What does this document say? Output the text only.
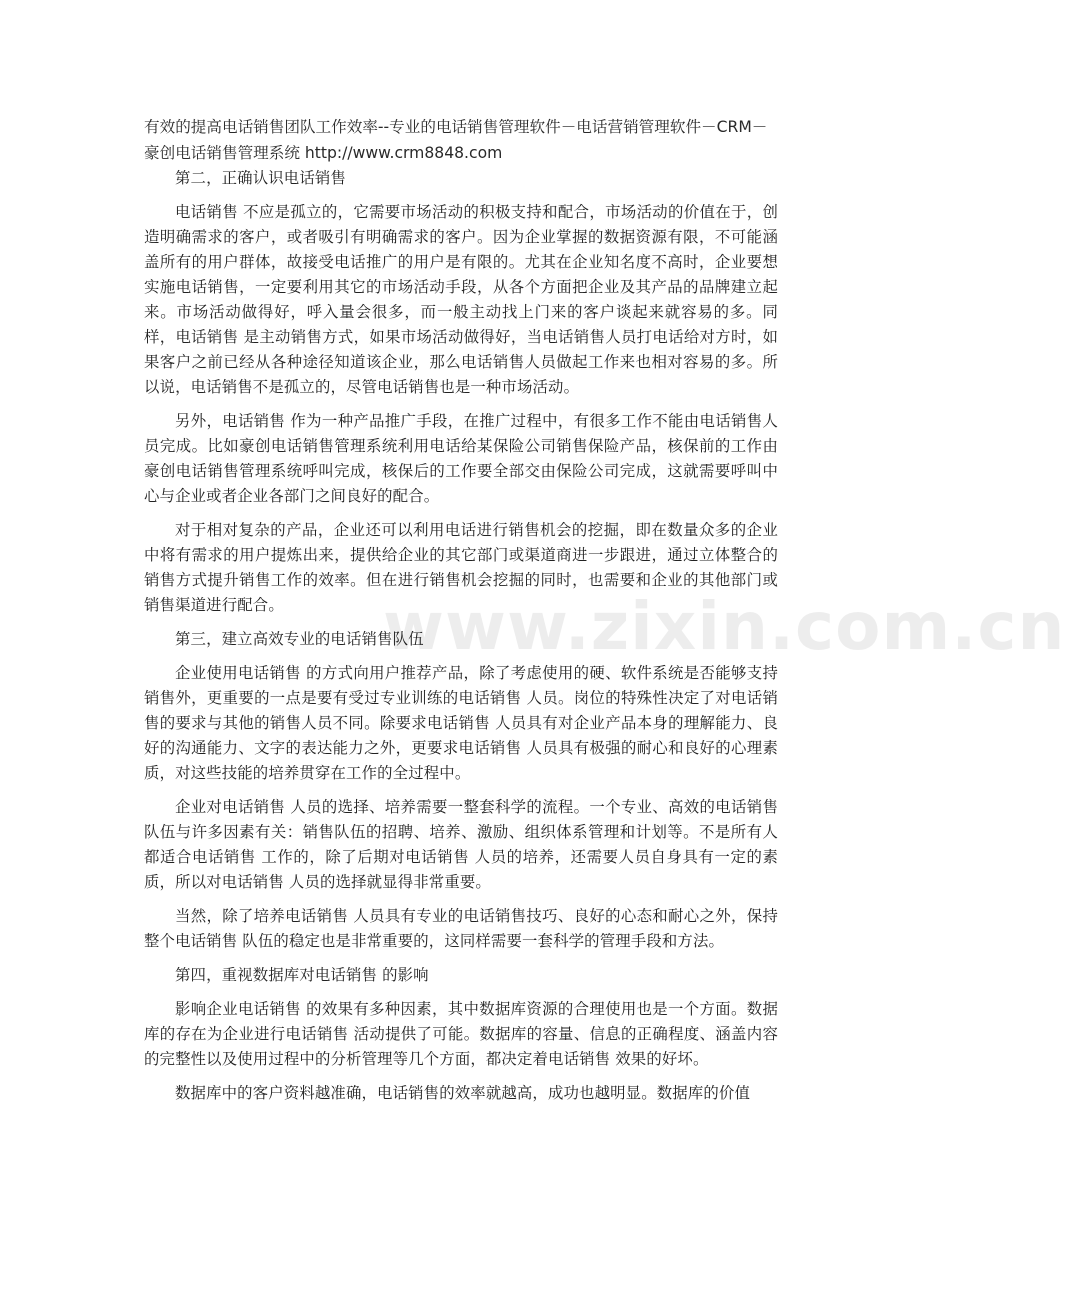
有效的提高电话销售团队工作效率--专业的电话销售管理软件－电话营销管理软件－CRM－豪创电话销售管理系统 http://www.crm8848.com

第二，正确认识电话销售

电话销售 不应是孤立的，它需要市场活动的积极支持和配合，市场活动的价值在于，创造明确需求的客户，或者吸引有明确需求的客户。因为企业掌握的数据资源有限，不可能涵盖所有的用户群体，故接受电话推广的用户是有限的。尤其在企业知名度不高时，企业要想实施电话销售，一定要利用其它的市场活动手段，从各个方面把企业及其产品的品牌建立起来。市场活动做得好，呼入量会很多，而一般主动找上门来的客户谈起来就容易的多。同样，电话销售 是主动销售方式，如果市场活动做得好，当电话销售人员打电话给对方时，如果客户之前已经从各种途径知道该企业，那么电话销售人员做起工作来也相对容易的多。所以说，电话销售不是孤立的，尽管电话销售也是一种市场活动。

另外，电话销售 作为一种产品推广手段，在推广过程中，有很多工作不能由电话销售人员完成。比如豪创电话销售管理系统利用电话给某保险公司销售保险产品，核保前的工作由豪创电话销售管理系统呼叫完成，核保后的工作要全部交由保险公司完成，这就需要呼叫中心与企业或者企业各部门之间良好的配合。

对于相对复杂的产品，企业还可以利用电话进行销售机会的挖掘，即在数量众多的企业中将有需求的用户提炼出来，提供给企业的其它部门或渠道商进一步跟进，通过立体整合的销售方式提升销售工作的效率。但在进行销售机会挖掘的同时，也需要和企业的其他部门或销售渠道进行配合。

第三，建立高效专业的电话销售队伍

企业使用电话销售 的方式向用户推荐产品，除了考虑使用的硬、软件系统是否能够支持销售外，更重要的一点是要有受过专业训练的电话销售 人员。岗位的特殊性决定了对电话销售的要求与其他的销售人员不同。除要求电话销售 人员具有对企业产品本身的理解能力、良好的沟通能力、文字的表达能力之外，更要求电话销售 人员具有极强的耐心和良好的心理素质，对这些技能的培养贯穿在工作的全过程中。

企业对电话销售 人员的选择、培养需要一整套科学的流程。一个专业、高效的电话销售队伍与许多因素有关：销售队伍的招聘、培养、激励、组织体系管理和计划等。不是所有人都适合电话销售 工作的，除了后期对电话销售 人员的培养，还需要人员自身具有一定的素质，所以对电话销售 人员的选择就显得非常重要。

当然，除了培养电话销售 人员具有专业的电话销售技巧、良好的心态和耐心之外，保持整个电话销售 队伍的稳定也是非常重要的，这同样需要一套科学的管理手段和方法。

第四，重视数据库对电话销售 的影响

影响企业电话销售 的效果有多种因素，其中数据库资源的合理使用也是一个方面。数据库的存在为企业进行电话销售 活动提供了可能。数据库的容量、信息的正确程度、涵盖内容的完整性以及使用过程中的分析管理等几个方面，都决定着电话销售 效果的好坏。

数据库中的客户资料越准确，电话销售的效率就越高，成功也越明显。数据库的价值

www.zixin.com.cn
